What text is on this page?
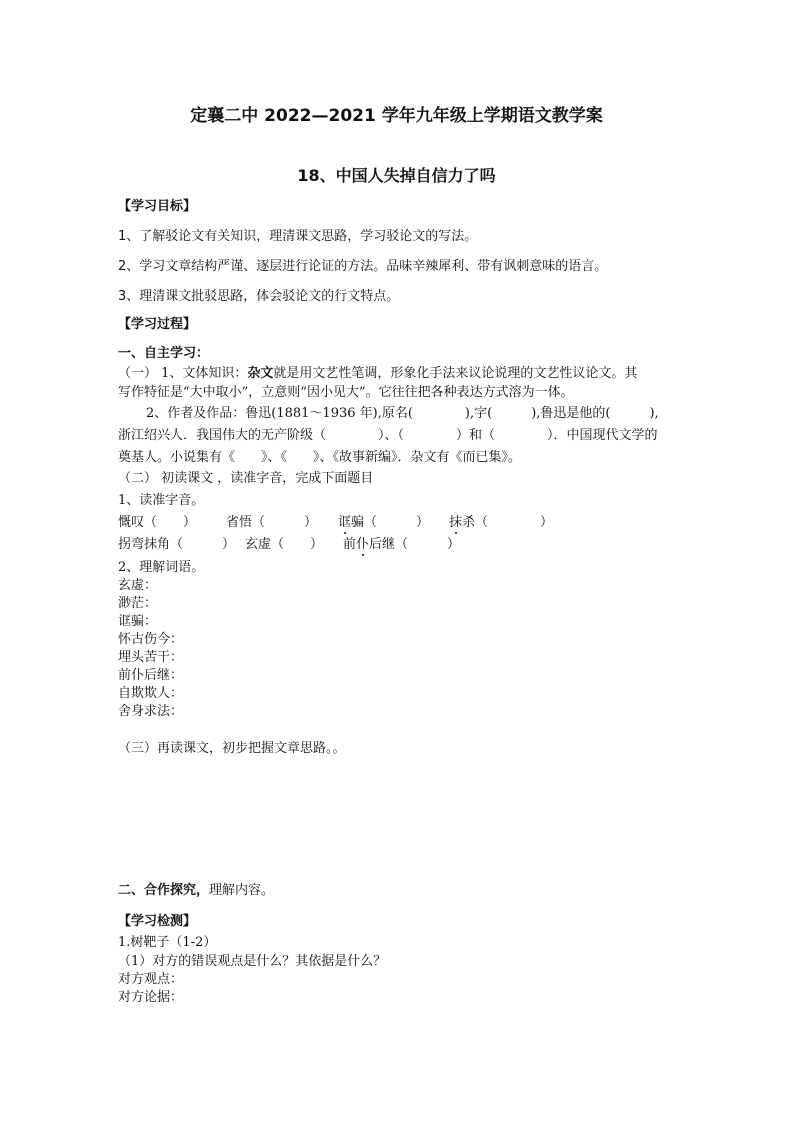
定襄二中 2022—2021 学年九年级上学期语文教学案
18、中国人失掉自信力了吗
【学习目标】
1、了解驳论文有关知识，理清课文思路，学习驳论文的写法。
2、学习文章结构严谨、逐层进行论证的方法。品味辛辣犀利、带有讽刺意味的语言。
3、理清课文批驳思路，体会驳论文的行文特点。
【学习过程】
一、自主学习：
（一） 1、文体知识：杂文就是用文艺性笔调，形象化手法来议论说理的文艺性议论文。其
写作特征是“大中取小”，立意则“因小见大”。它往往把各种表达方式溶为一体。
2、作者及作品：鲁迅(1881～1936 年),原名(　　　　),字(　　　),鲁迅是他的(　　　),
浙江绍兴人．我国伟大的无产阶级（　　　　）、（　　　　）和（　　　　）．中国现代文学的
奠基人。小说集有《　　》、《　　》、《故事新编》．杂文有《而已集》。
（二） 初读课文 ，读准字音，完成下面题目
1、读准字音。
慨叹（　　） 省悟（　　　） 诓骗（　　　） 抹杀（　　　　）
拐弯抹角（　　　） 玄虚（　　） 前仆后继（　　　）
2、理解词语。
玄虚：
渺茫：
诓骗：
怀古伤今：
埋头苦干：
前仆后继：
自欺欺人：
舍身求法：
（三）再读课文，初步把握文章思路。。
二、合作探究，理解内容。
【学习检测】
1.树靶子（1-2）
（1）对方的错误观点是什么？其依据是什么？
对方观点：
对方论据：
